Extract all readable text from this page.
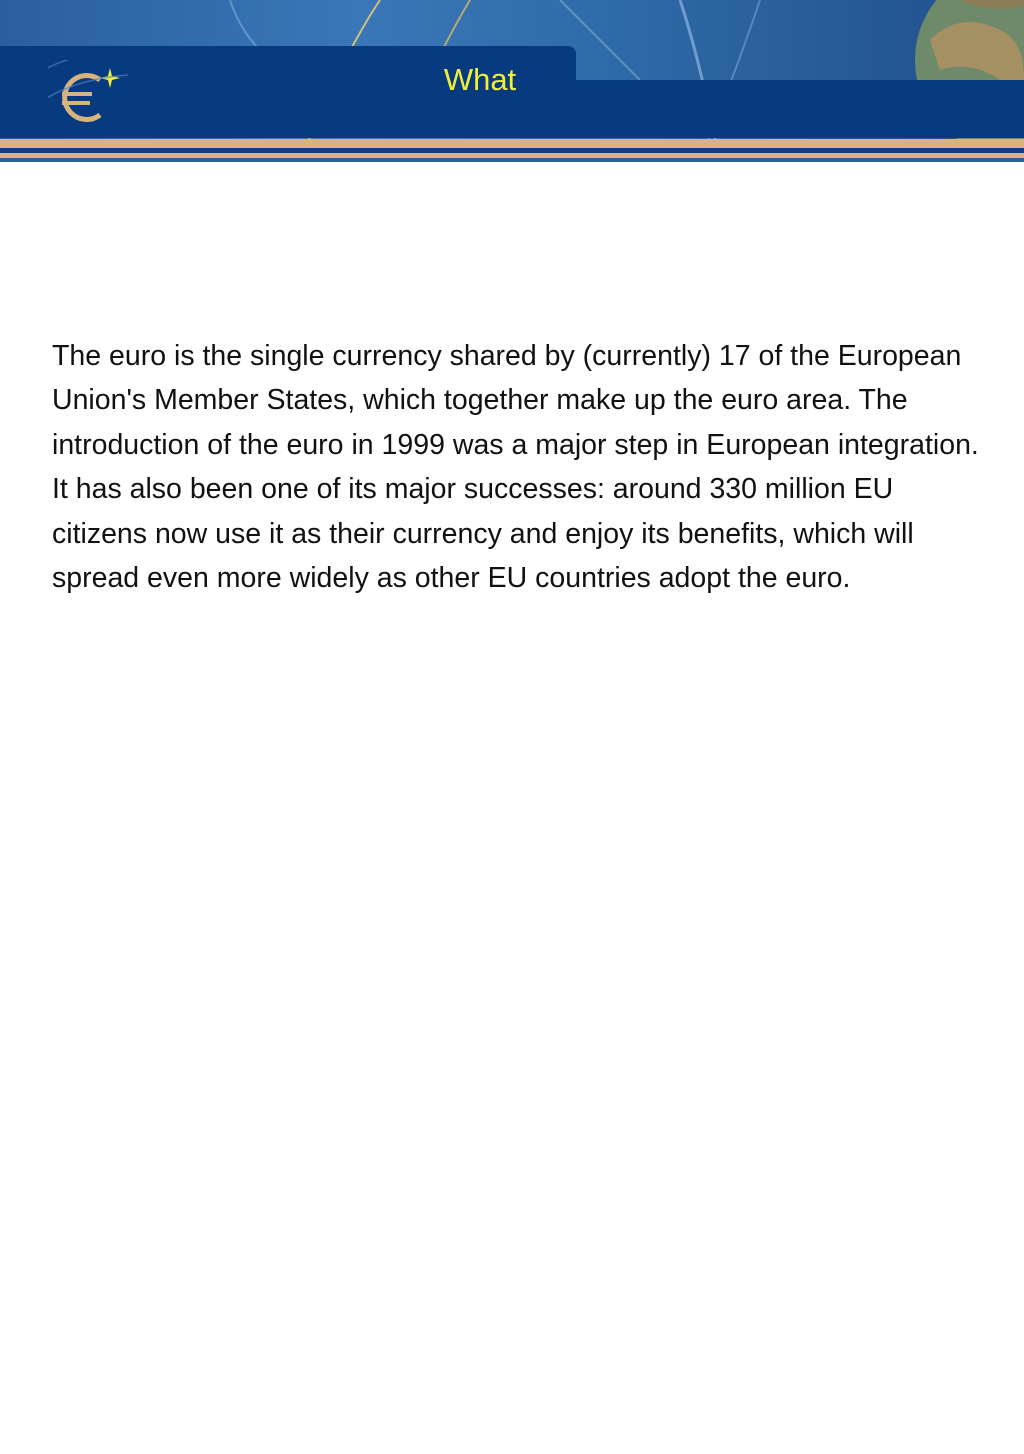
What

The euro is the single currency shared by (currently) 17 of the European Union's Member States, which together make up the euro area. The introduction of the euro in 1999 was a major step in European integration. It has also been one of its major successes: around 330 million EU citizens now use it as their currency and enjoy its benefits, which will spread even more widely as other EU countries adopt the euro.
